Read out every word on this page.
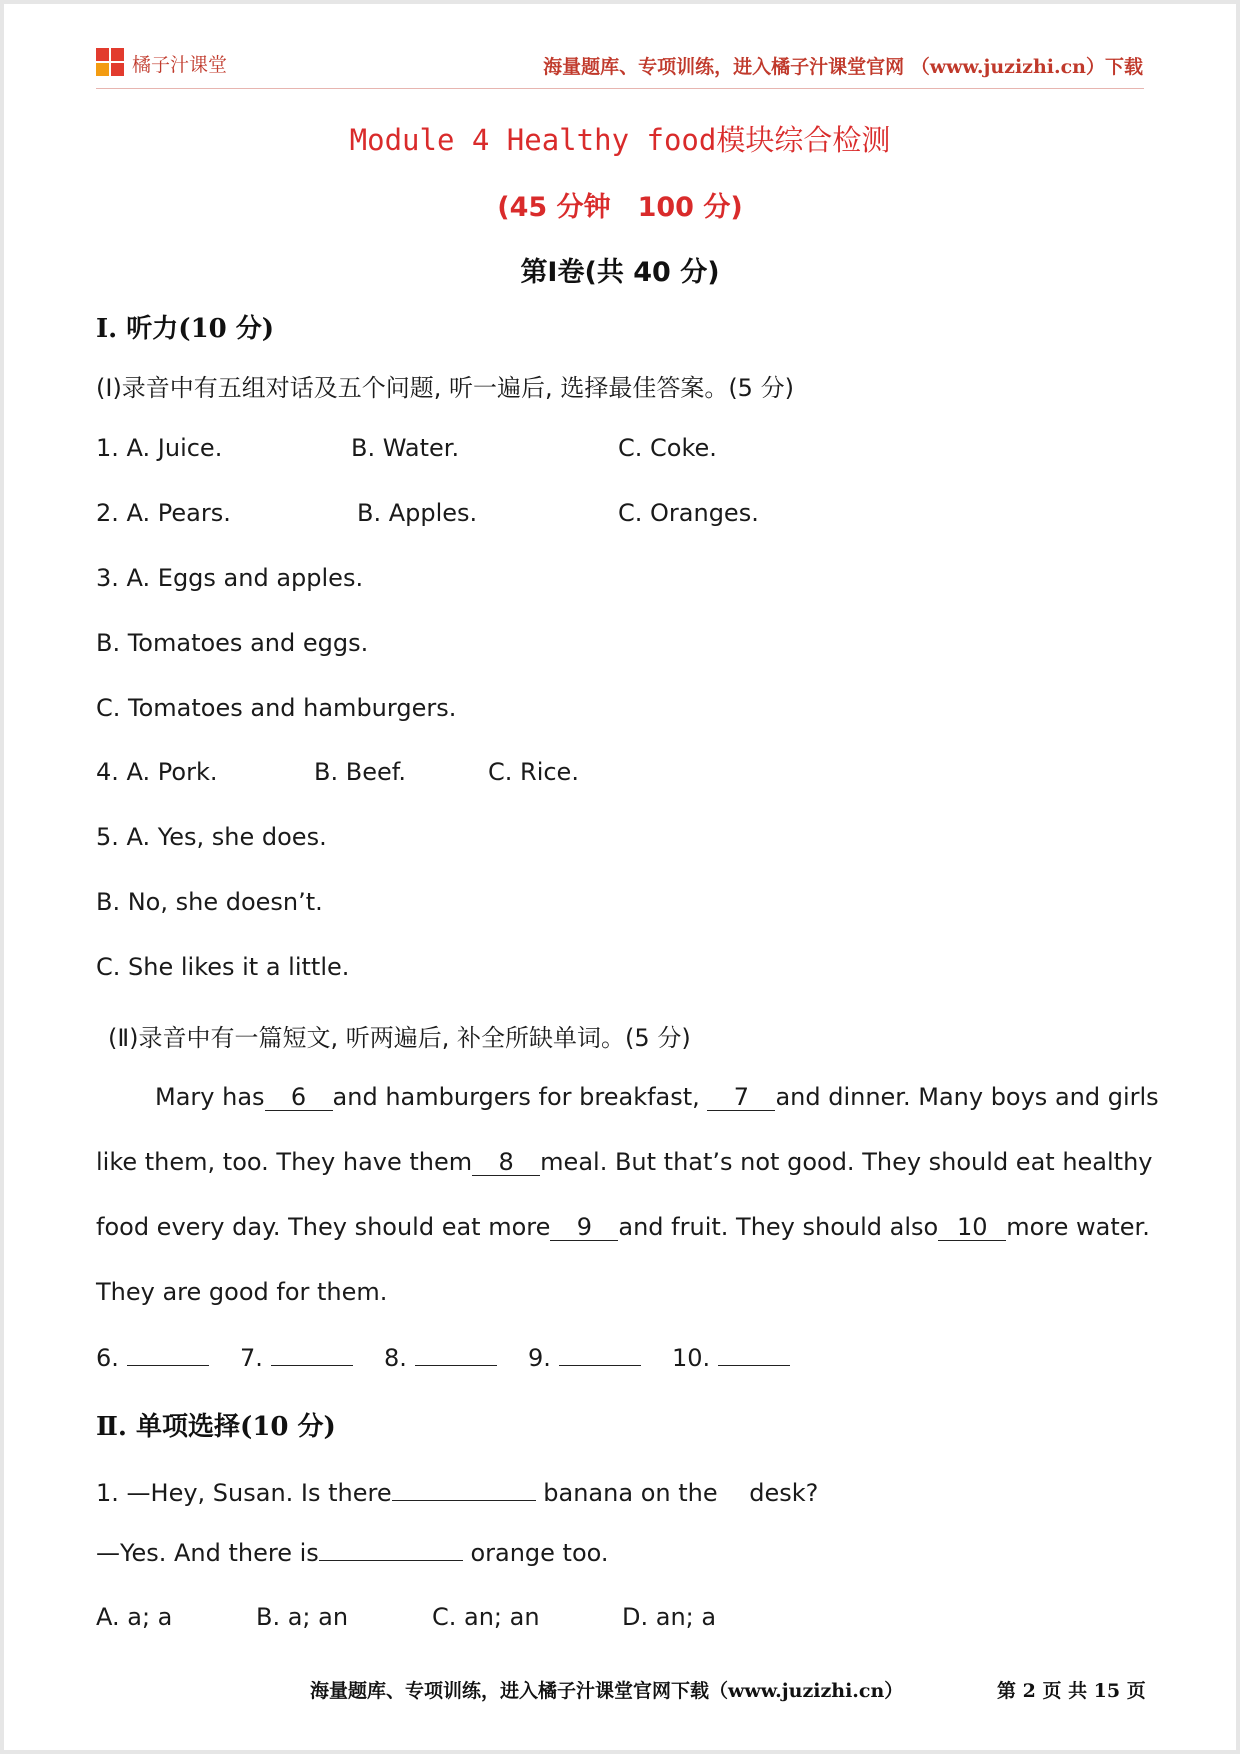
橘子汁课堂	海量题库、专项训练，进入橘子汁课堂官网 （www.juzizhi.cn）下载
Module 4 Healthy food模块综合检测
(45 分钟　100 分)
第Ⅰ卷(共 40 分)
Ⅰ. 听力(10 分)
(Ⅰ)录音中有五组对话及五个问题, 听一遍后, 选择最佳答案。(5 分)
1. A. Juice.	B. Water.	C. Coke.
2. A. Pears.	B. Apples.	C. Oranges.
3. A. Eggs and apples.
B. Tomatoes and eggs.
C. Tomatoes and hamburgers.
4. A. Pork.	B. Beef.	C. Rice.
5. A. Yes, she does.
B. No, she doesn’t.
C. She likes it a little.
(Ⅱ)录音中有一篇短文, 听两遍后, 补全所缺单词。(5 分)
Mary has 6 and hamburgers for breakfast, 7 and dinner. Many boys and girls
like them, too. They have them 8 meal. But that’s not good. They should eat healthy
food every day. They should eat more 9 and fruit. They should also 10 more water.
They are good for them.
6.	7.	8.	9.	10.
Ⅱ. 单项选择(10 分)
1. —Hey, Susan. Is there	banana on the　 desk?
—Yes. And there is	orange too.
A. a; a	B. a; an	C. an; an	D. an; a
海量题库、专项训练，进入橘子汁课堂官网下载（www.juzizhi.cn）	第 2 页 共 15 页
